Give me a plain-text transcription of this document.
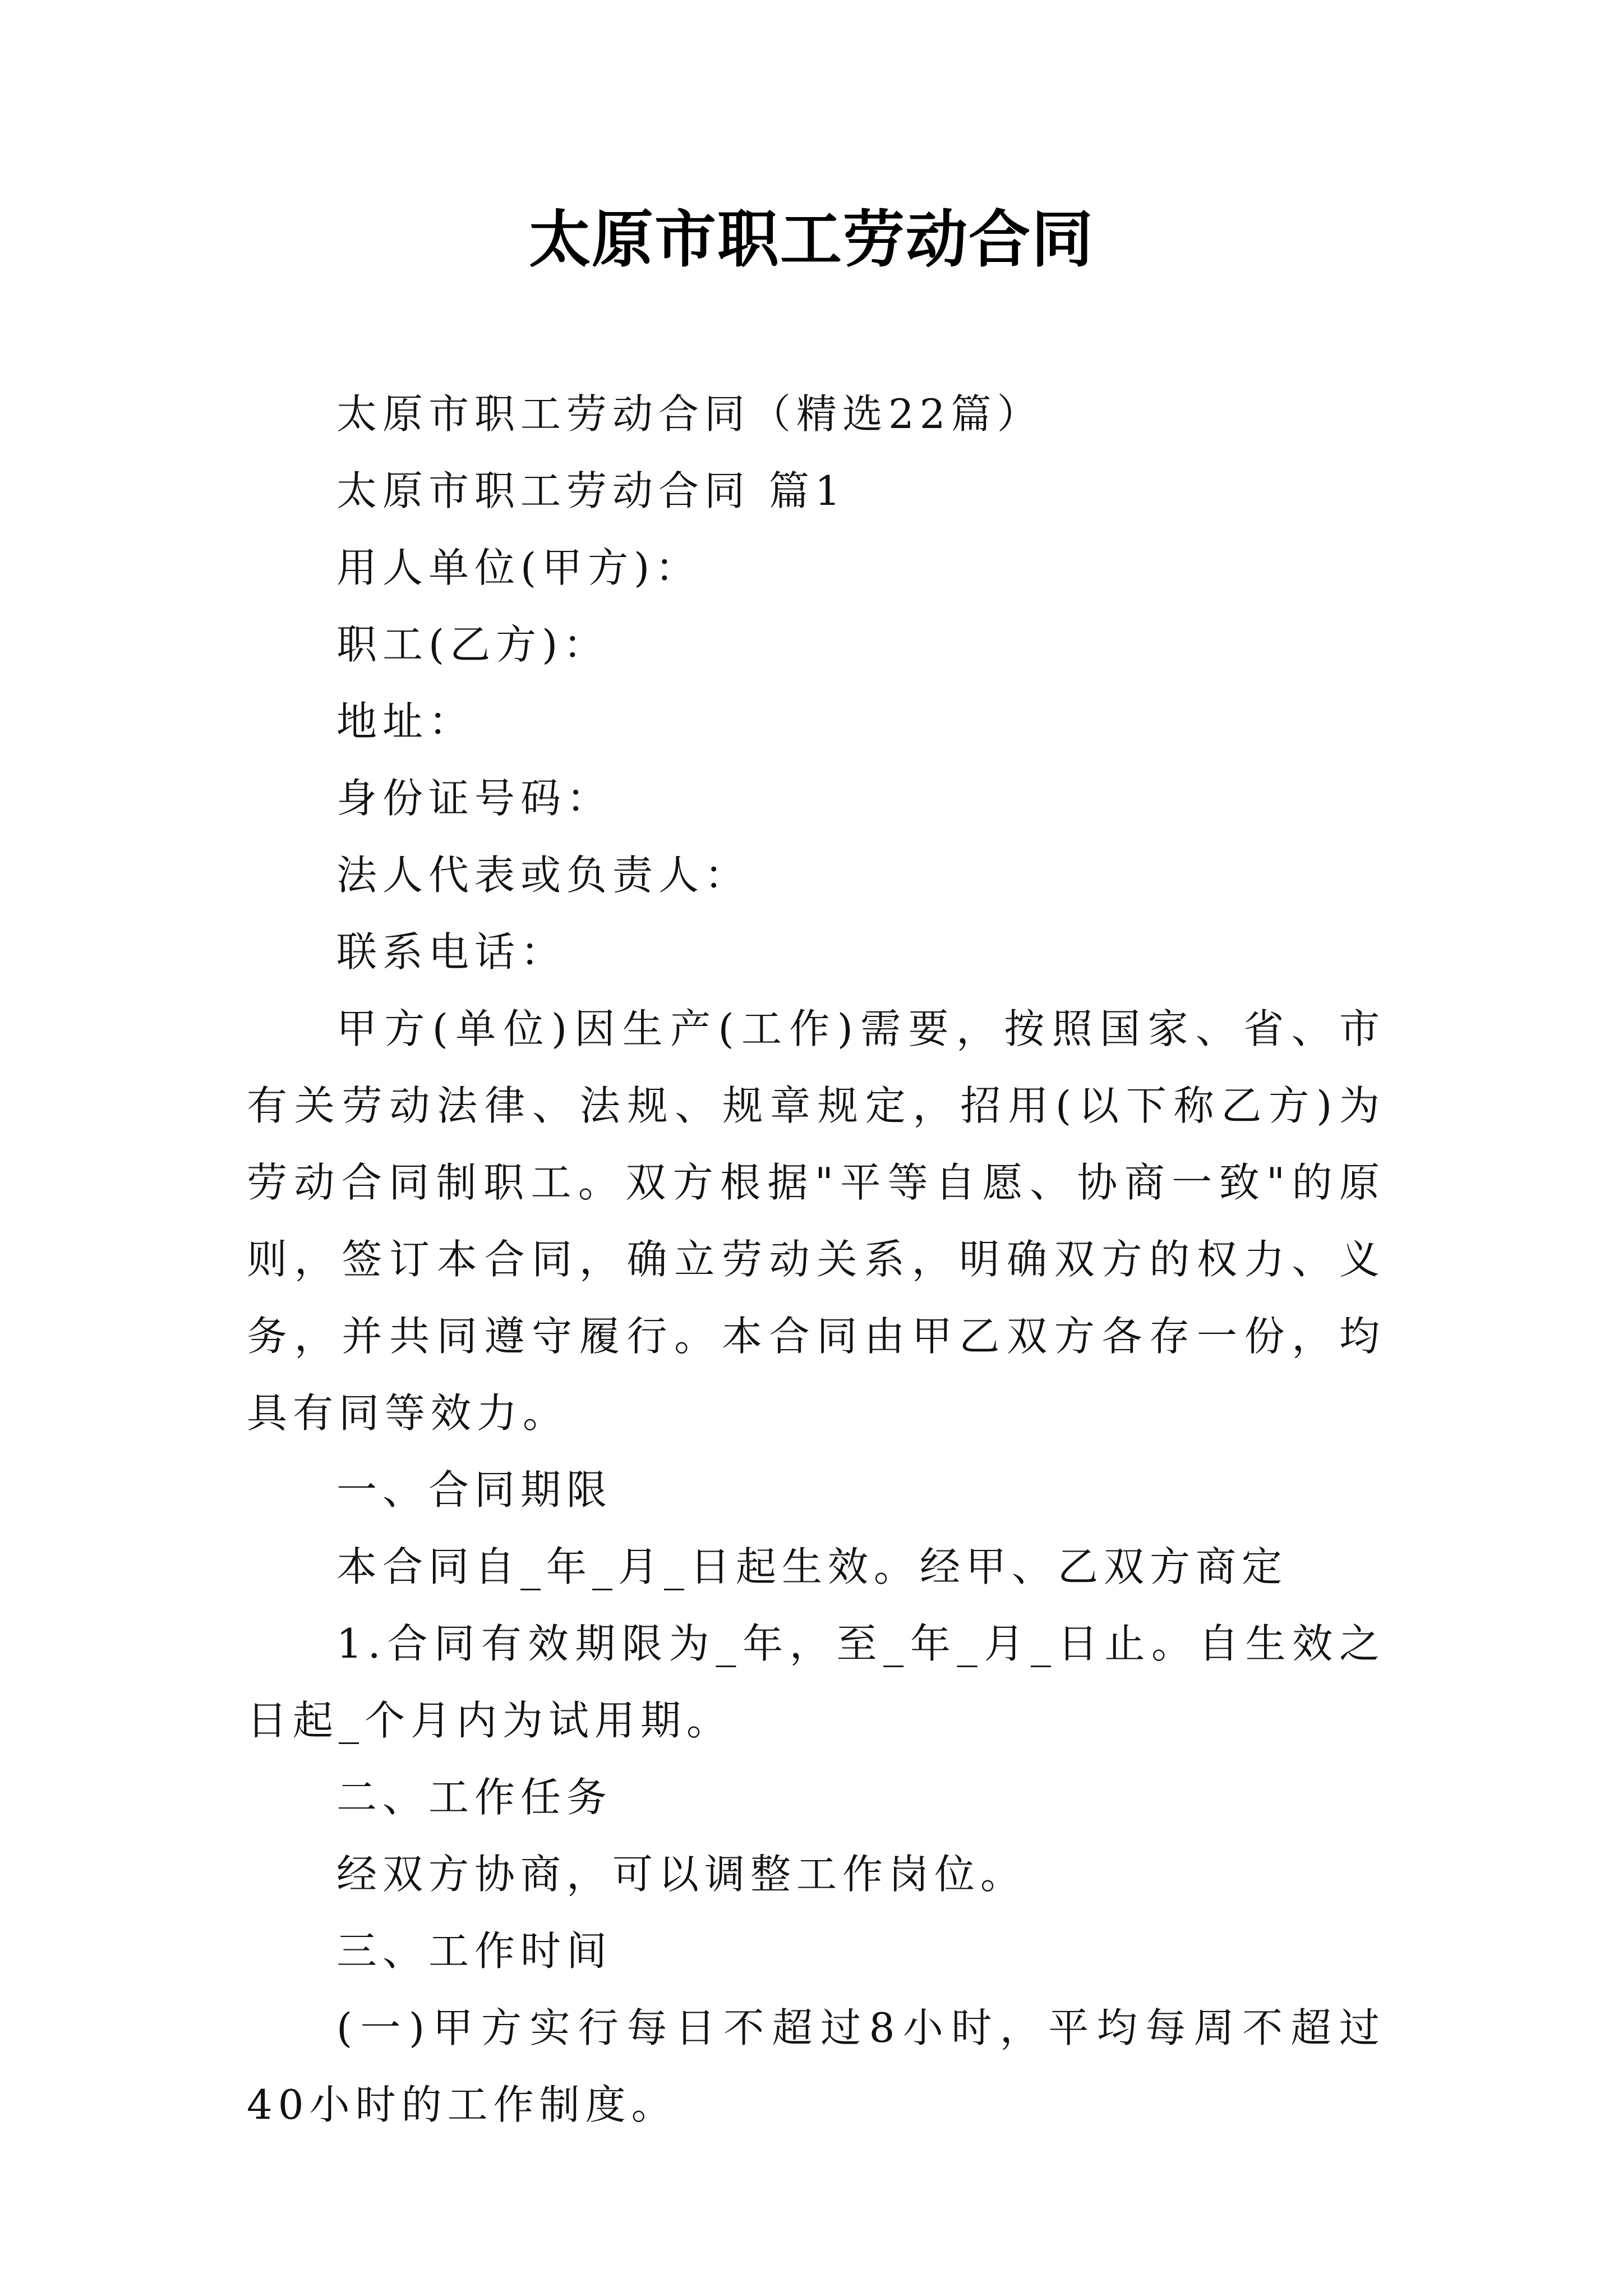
太原市职工劳动合同

太原市职工劳动合同（精选22篇）

太原市职工劳动合同 篇1

用人单位(甲方)：

职工(乙方)：

地址：

身份证号码：

法人代表或负责人：

联系电话：

甲方(单位)因生产(工作)需要，按照国家、省、市有关劳动法律、法规、规章规定，招用(以下称乙方)为劳动合同制职工。双方根据"平等自愿、协商一致"的原则，签订本合同，确立劳动关系，明确双方的权力、义务，并共同遵守履行。本合同由甲乙双方各存一份，均具有同等效力。

一、合同期限

本合同自_年_月_日起生效。经甲、乙双方商定

1.合同有效期限为_年，至_年_月_日止。自生效之日起_个月内为试用期。

二、工作任务

经双方协商，可以调整工作岗位。

三、工作时间

(一)甲方实行每日不超过8小时，平均每周不超过40小时的工作制度。
